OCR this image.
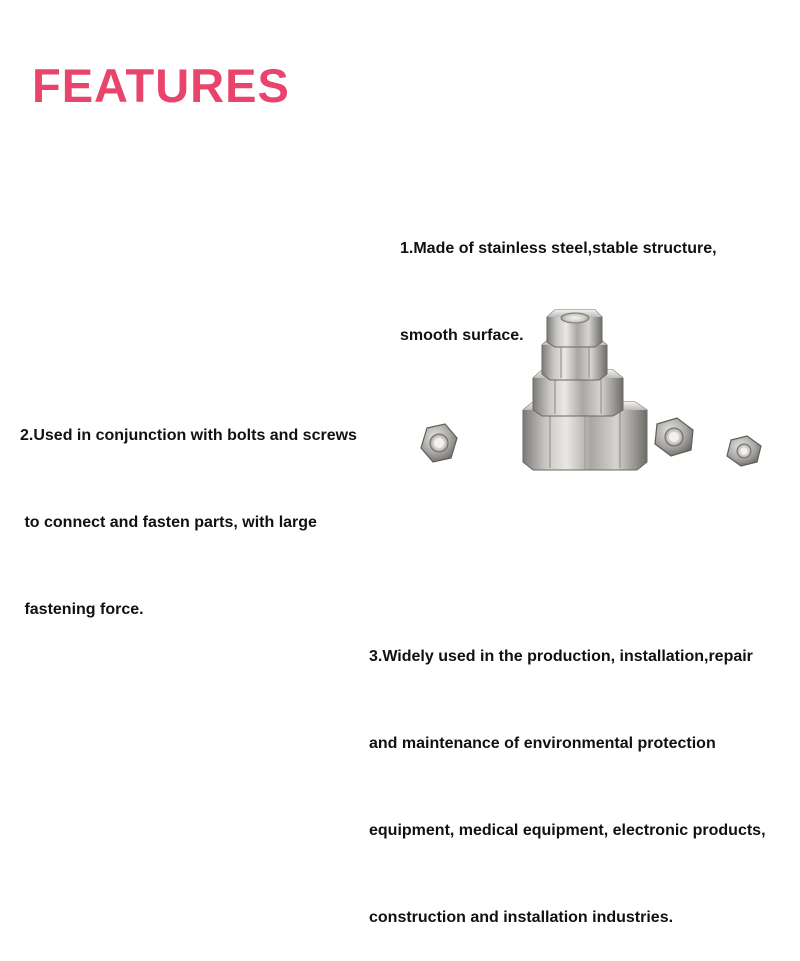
FEATURES

1.Made of stainless steel,stable structure,

smooth surface.

2.Used in conjunction with bolts and screws

to connect and fasten parts, with large

fastening force.

3.Widely used in the production, installation,repair

and maintenance of environmental protection

equipment, medical equipment, electronic products,

construction and installation industries.
